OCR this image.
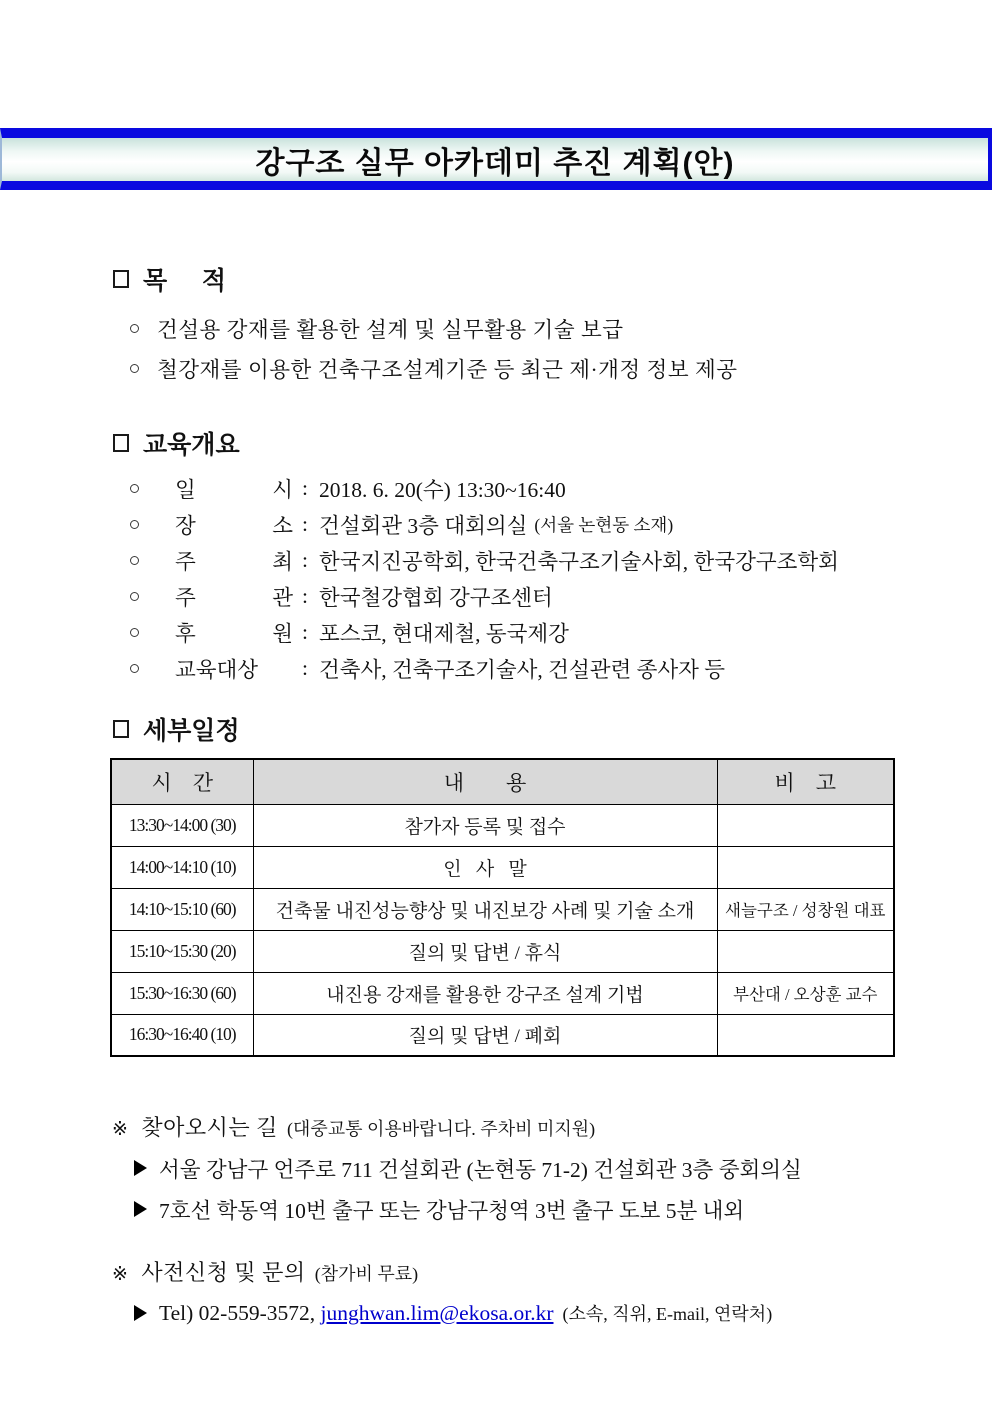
강구조 실무 아카데미 추진 계획(안)
목     적
건설용 강재를 활용한 설계 및 실무활용 기술 보급
철강재를 이용한 건축구조설계기준 등 최근 제·개정 정보 제공
교육개요
일 시 : 2018. 6. 20(수) 13:30~16:40
장 소 : 건설회관 3층 대회의실 (서울 논현동 소재)
주 최 : 한국지진공학회, 한국건축구조기술사회, 한국강구조학회
주 관 : 한국철강협회 강구조센터
후 원 : 포스코, 현대제철, 동국제강
교육대상	: 건축사, 건축구조기술사, 건설관련 종사자 등
세부일정
시    간	내        용	비    고
13:30~14:00 (30)	참가자 등록 및 접수	
14:00~14:10 (10)	인   사   말	
14:10~15:10 (60)	건축물 내진성능향상 및 내진보강 사례 및 기술 소개	새늘구조 / 성창원 대표
15:10~15:30 (20)	질의 및 답변 / 휴식	
15:30~16:30 (60)	내진용 강재를 활용한 강구조 설계 기법	부산대 / 오상훈 교수
16:30~16:40 (10)	질의 및 답변 / 폐회	
※ 찾아오시는 길 (대중교통 이용바랍니다. 주차비 미지원)
서울 강남구 언주로 711 건설회관 (논현동 71-2) 건설회관 3층 중회의실
7호선 학동역 10번 출구 또는 강남구청역 3번 출구 도보 5분 내외
※ 사전신청 및 문의 (참가비 무료)
Tel) 02-559-3572,
junghwan.lim@ekosa.or.kr (소속, 직위, E-mail, 연락처)
